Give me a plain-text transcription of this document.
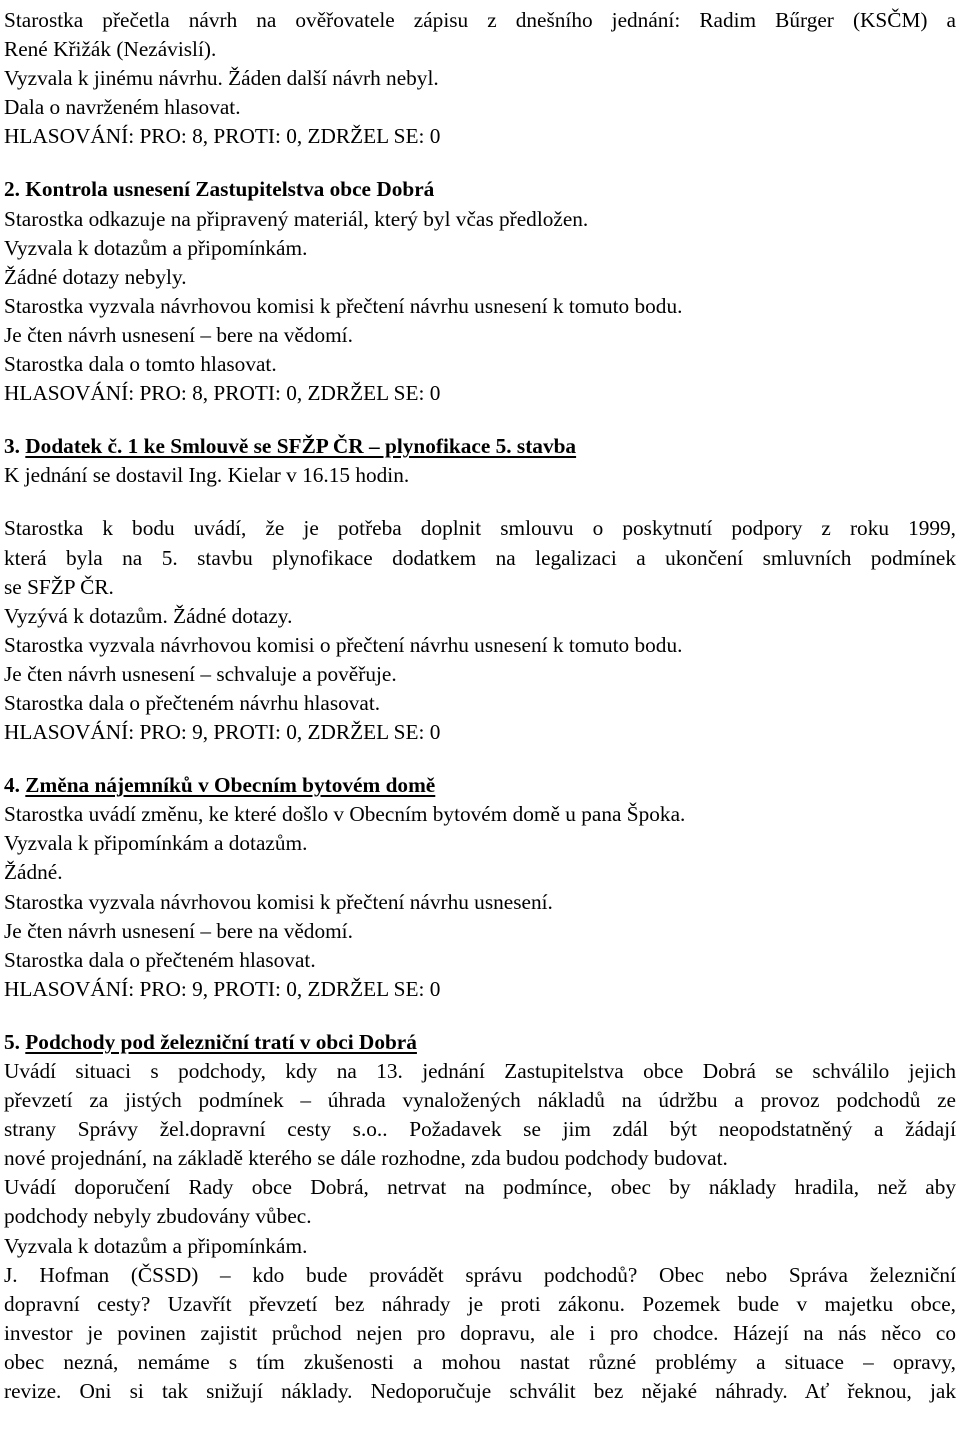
Starostka přečetla návrh na ověřovatele zápisu z dnešního jednání: Radim Bűrger (KSČM) a
René Křižák (Nezávislí).
Vyzvala k jinému návrhu. Žáden další návrh nebyl.
Dala o navrženém hlasovat.
HLASOVÁNÍ: PRO: 8, PROTI: 0, ZDRŽEL SE: 0
2. Kontrola usnesení Zastupitelstva obce Dobrá
Starostka odkazuje na připravený materiál, který byl včas předložen.
Vyzvala k dotazům a připomínkám.
Žádné dotazy nebyly.
Starostka vyzvala návrhovou komisi k přečtení návrhu usnesení k tomuto bodu.
Je čten návrh usnesení – bere na vědomí.
Starostka dala o tomto hlasovat.
HLASOVÁNÍ: PRO: 8, PROTI: 0, ZDRŽEL SE: 0
3. Dodatek č. 1 ke Smlouvě se SFŽP ČR – plynofikace 5. stavba
K jednání se dostavil Ing. Kielar v 16.15 hodin.
Starostka k bodu uvádí, že je potřeba doplnit smlouvu o poskytnutí podpory z roku 1999,
která byla na 5. stavbu plynofikace dodatkem na legalizaci a ukončení smluvních podmínek
se SFŽP ČR.
Vyzývá k dotazům. Žádné dotazy.
Starostka vyzvala návrhovou komisi o přečtení návrhu usnesení k tomuto bodu.
Je čten návrh usnesení – schvaluje a pověřuje.
Starostka dala o přečteném návrhu hlasovat.
HLASOVÁNÍ: PRO: 9, PROTI: 0, ZDRŽEL SE: 0
4. Změna nájemníků v Obecním bytovém domě
Starostka uvádí změnu, ke které došlo v Obecním bytovém domě u pana Špoka.
Vyzvala k připomínkám a dotazům.
Žádné.
Starostka vyzvala návrhovou komisi k přečtení návrhu usnesení.
Je čten návrh usnesení – bere na vědomí.
Starostka dala o přečteném hlasovat.
HLASOVÁNÍ: PRO: 9, PROTI: 0, ZDRŽEL SE: 0
5. Podchody pod železniční tratí v obci Dobrá
Uvádí situaci s podchody, kdy na 13. jednání Zastupitelstva obce Dobrá se schválilo jejich
převzetí za jistých podmínek – úhrada vynaložených nákladů na údržbu a provoz podchodů ze
strany Správy žel.dopravní cesty s.o.. Požadavek se jim zdál být neopodstatněný a žádají
nové projednání, na základě kterého se dále rozhodne, zda budou podchody budovat.
Uvádí doporučení Rady obce Dobrá, netrvat na podmínce, obec by náklady hradila, než aby
podchody nebyly zbudovány vůbec.
Vyzvala k dotazům a připomínkám.
J. Hofman (ČSSD) – kdo bude provádět správu podchodů? Obec nebo Správa železniční
dopravní cesty? Uzavřít převzetí bez náhrady je proti zákonu. Pozemek bude v majetku obce,
investor je povinen zajistit průchod nejen pro dopravu, ale i pro chodce. Házejí na nás něco co
obec nezná, nemáme s tím zkušenosti a mohou nastat různé problémy a situace – opravy,
revize. Oni si tak snižují náklady. Nedoporučuje schválit bez nějaké náhrady. Ať řeknou, jak
